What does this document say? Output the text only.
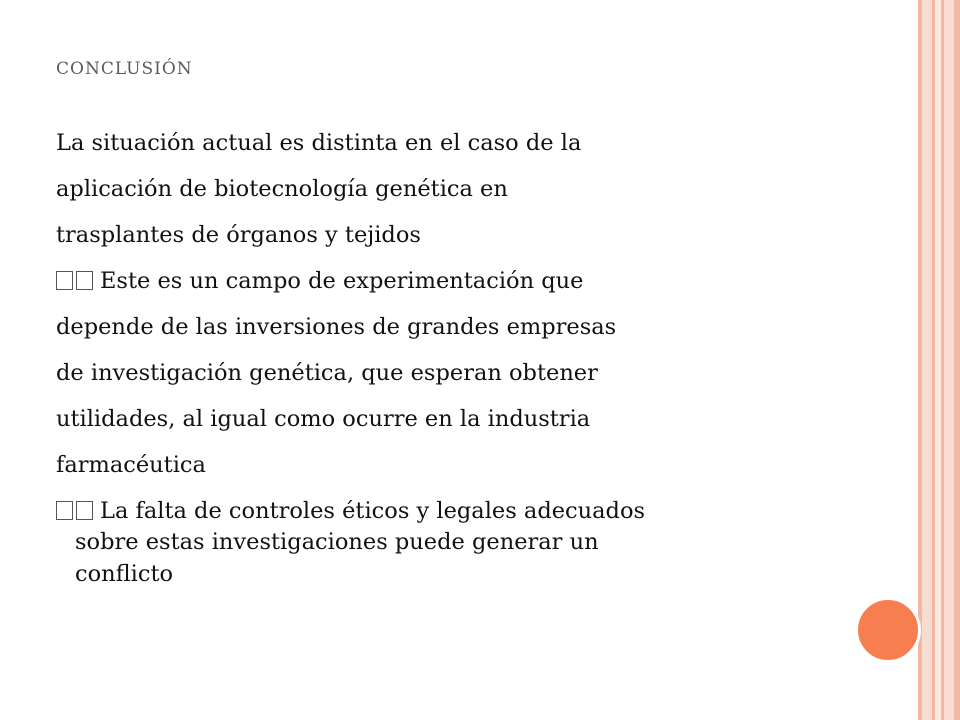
conclusión
La situación actual es distinta en el caso de la
aplicación de biotecnología genética en
trasplantes de órganos y tejidos
Este es un campo de experimentación que
depende de las inversiones de grandes empresas
de investigación genética, que esperan obtener
utilidades, al igual como ocurre en la industria
farmacéutica
La falta de controles éticos y legales adecuados
sobre estas investigaciones puede generar un
conflicto
